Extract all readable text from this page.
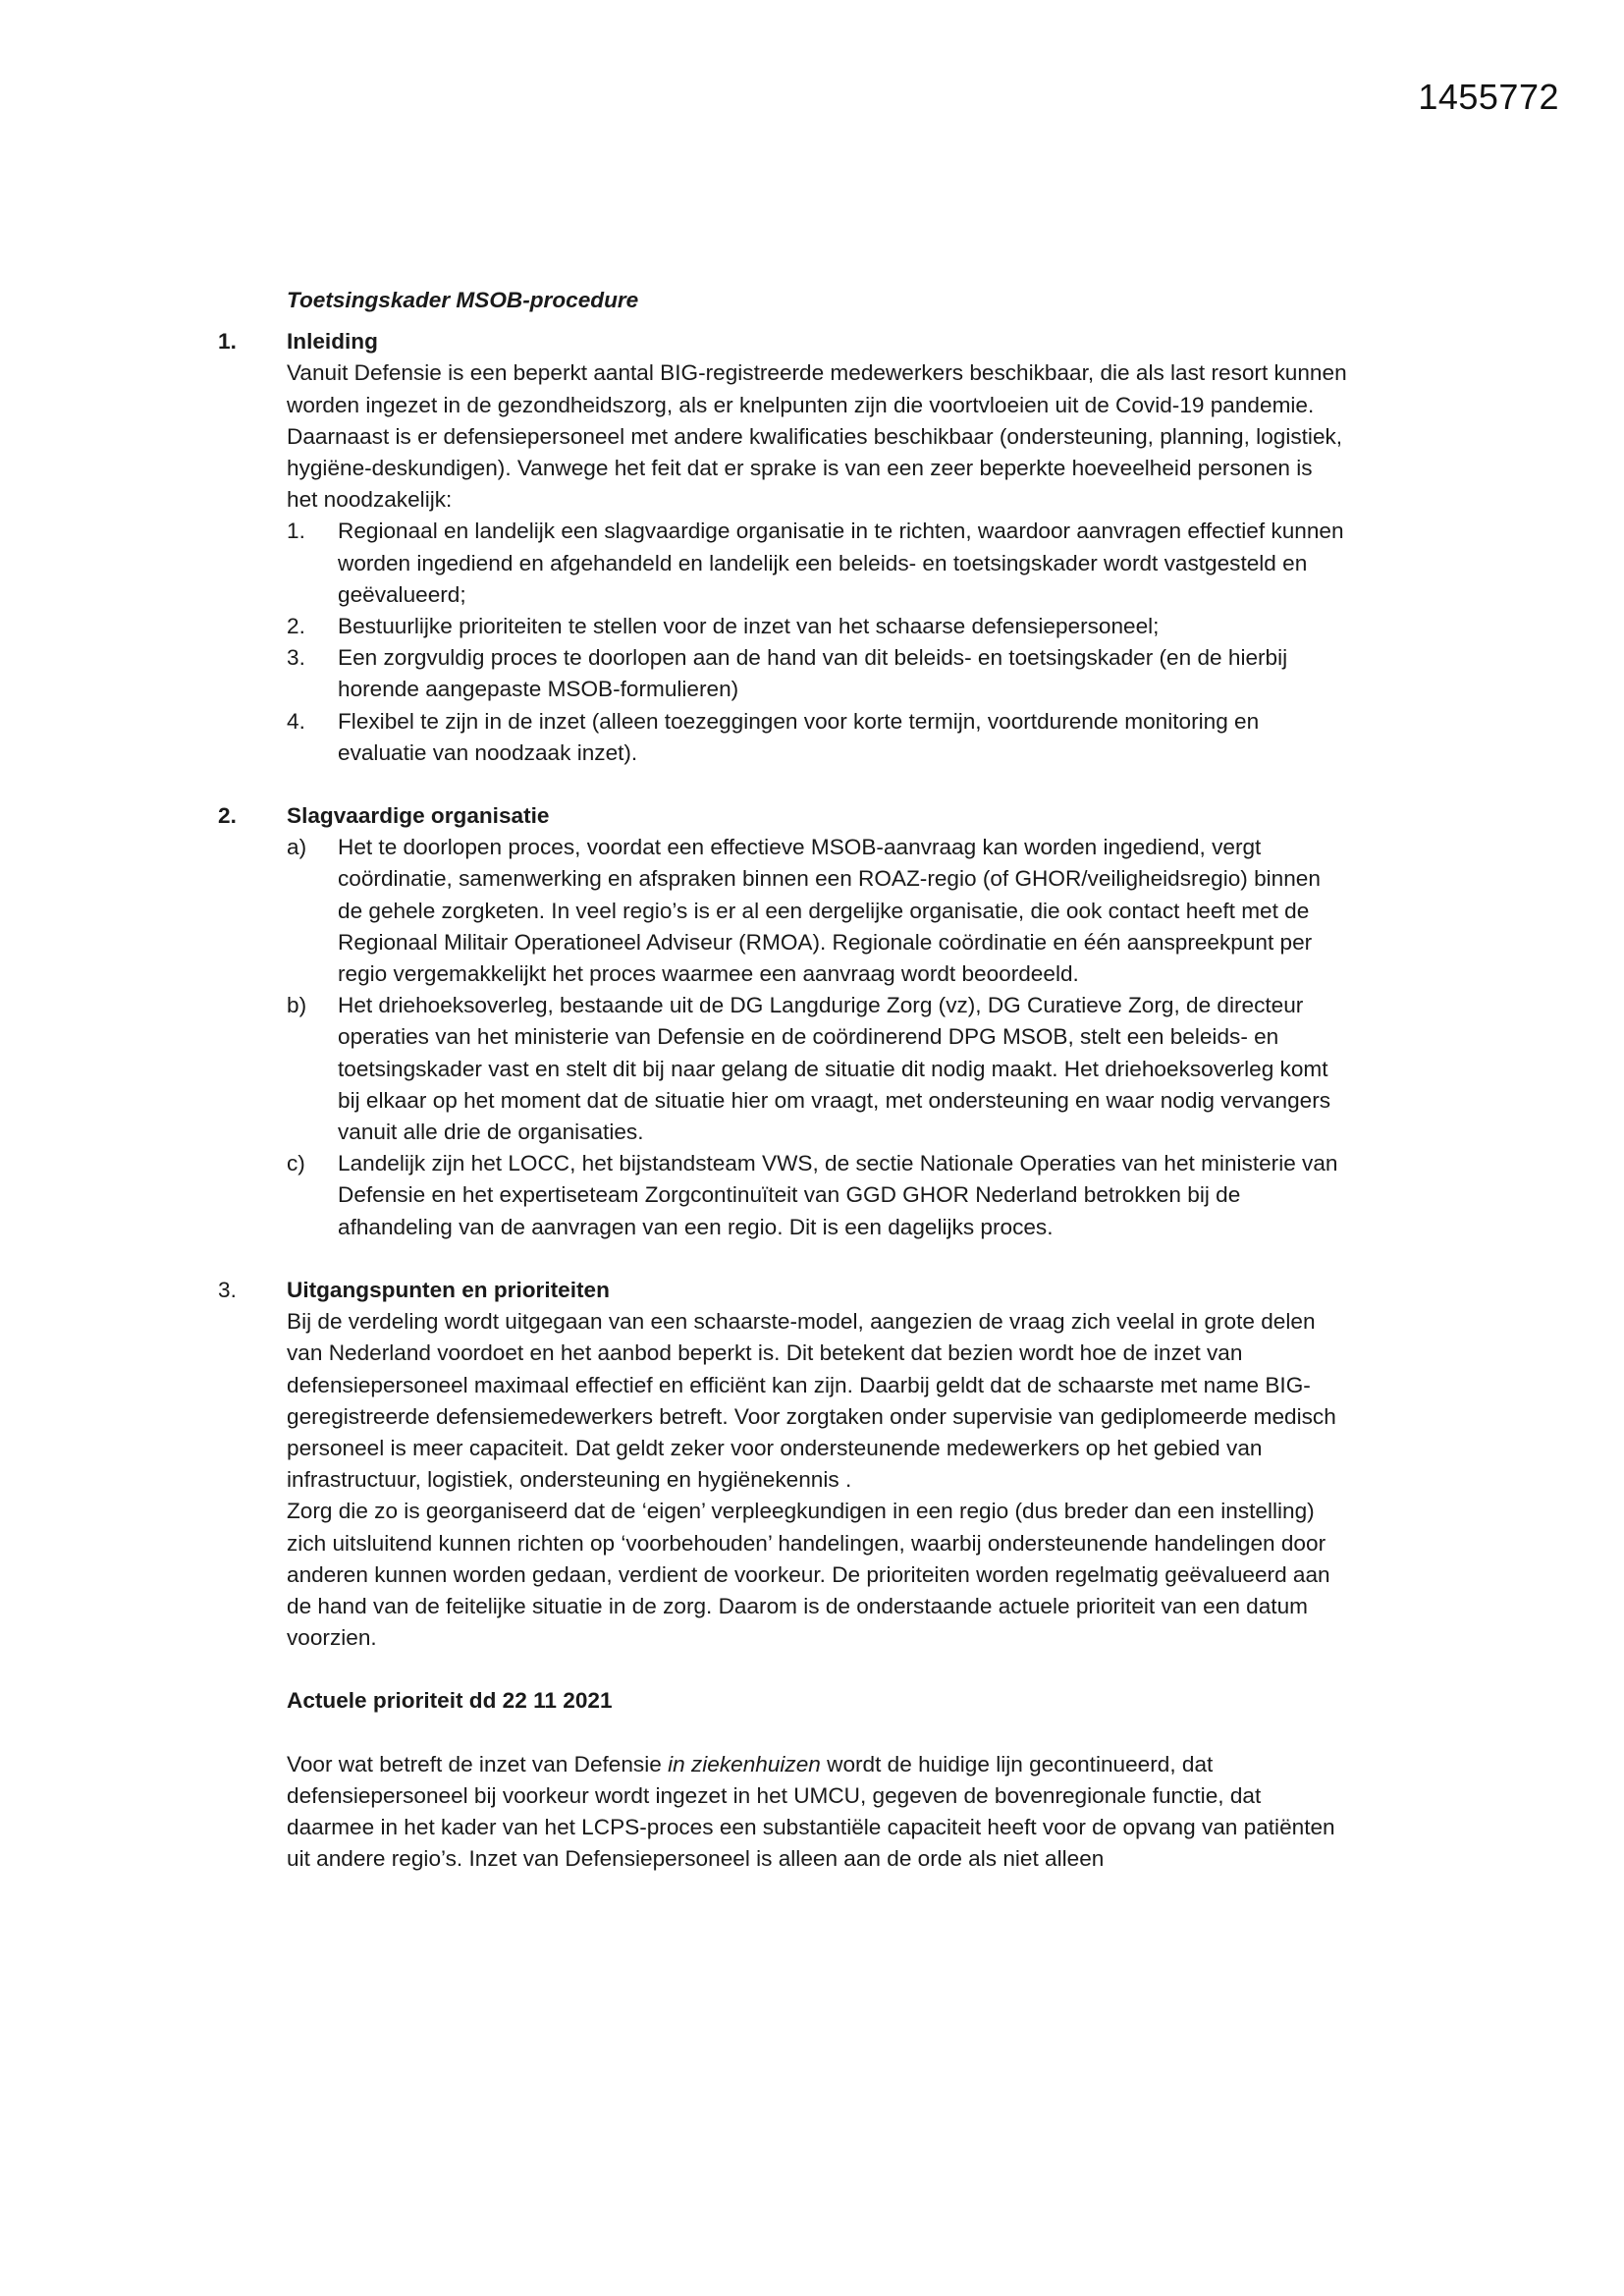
1455772
Toetsingskader MSOB-procedure
1.	Inleiding
Vanuit Defensie is een beperkt aantal BIG-registreerde medewerkers beschikbaar, die als last resort kunnen worden ingezet in de gezondheidszorg, als er knelpunten zijn die voortvloeien uit de Covid-19 pandemie. Daarnaast is er defensiepersoneel met andere kwalificaties beschikbaar (ondersteuning, planning, logistiek, hygiëne-deskundigen). Vanwege het feit dat er sprake is van een zeer beperkte hoeveelheid personen is het noodzakelijk:
1.	Regionaal en landelijk een slagvaardige organisatie in te richten, waardoor aanvragen effectief kunnen worden ingediend en afgehandeld en landelijk een beleids- en toetsingskader wordt vastgesteld en geëvalueerd;
2.	Bestuurlijke prioriteiten te stellen voor de inzet van het schaarse defensiepersoneel;
3.	Een zorgvuldig proces te doorlopen aan de hand van dit beleids- en toetsingskader (en de hierbij horende aangepaste MSOB-formulieren)
4.	Flexibel te zijn in de inzet (alleen toezeggingen voor korte termijn, voortdurende monitoring en evaluatie van noodzaak inzet).
2.	Slagvaardige organisatie
a)	Het te doorlopen proces, voordat een effectieve MSOB-aanvraag kan worden ingediend, vergt coördinatie, samenwerking en afspraken binnen een ROAZ-regio (of GHOR/veiligheidsregio) binnen de gehele zorgketen. In veel regio’s is er al een dergelijke organisatie, die ook contact heeft met de Regionaal Militair Operationeel Adviseur (RMOA). Regionale coördinatie en één aanspreekpunt per regio vergemakkelijkt het proces waarmee een aanvraag wordt beoordeeld.
b)	Het driehoeksoverleg, bestaande uit de DG Langdurige Zorg (vz), DG Curatieve Zorg, de directeur operaties van het ministerie van Defensie en de coördinerend DPG MSOB, stelt een beleids- en toetsingskader vast en stelt dit bij naar gelang de situatie dit nodig maakt. Het driehoeksoverleg komt bij elkaar op het moment dat de situatie hier om vraagt, met ondersteuning en waar nodig vervangers vanuit alle drie de organisaties.
c)	Landelijk zijn het LOCC, het bijstandsteam VWS, de sectie Nationale Operaties van het ministerie van Defensie en het expertiseteam Zorgcontinuïteit van GGD GHOR Nederland betrokken bij de afhandeling van de aanvragen van een regio. Dit is een dagelijks proces.
3.	Uitgangspunten en prioriteiten
Bij de verdeling wordt uitgegaan van een schaarste-model, aangezien de vraag zich veelal in grote delen van Nederland voordoet en het aanbod beperkt is. Dit betekent dat bezien wordt hoe de inzet van defensiepersoneel maximaal effectief en efficiënt kan zijn. Daarbij geldt dat de schaarste met name BIG-geregistreerde defensiemedewerkers betreft. Voor zorgtaken onder supervisie van gediplomeerde medisch personeel is meer capaciteit. Dat geldt zeker voor ondersteunende medewerkers op het gebied van infrastructuur, logistiek, ondersteuning en hygiënekennis .
Zorg die zo is georganiseerd dat de ‘eigen’ verpleegkundigen in een regio (dus breder dan een instelling) zich uitsluitend kunnen richten op ‘voorbehouden’ handelingen, waarbij ondersteunende handelingen door anderen kunnen worden gedaan, verdient de voorkeur. De prioriteiten worden regelmatig geëvalueerd aan de hand van de feitelijke situatie in de zorg. Daarom is de onderstaande actuele prioriteit van een datum voorzien.
Actuele prioriteit dd 22 11 2021
Voor wat betreft de inzet van Defensie in ziekenhuizen wordt de huidige lijn gecontinueerd, dat defensiepersoneel bij voorkeur wordt ingezet in het UMCU, gegeven de bovenregionale functie, dat daarmee in het kader van het LCPS-proces een substantiële capaciteit heeft voor de opvang van patiënten uit andere regio’s. Inzet van Defensiepersoneel is alleen aan de orde als niet alleen
